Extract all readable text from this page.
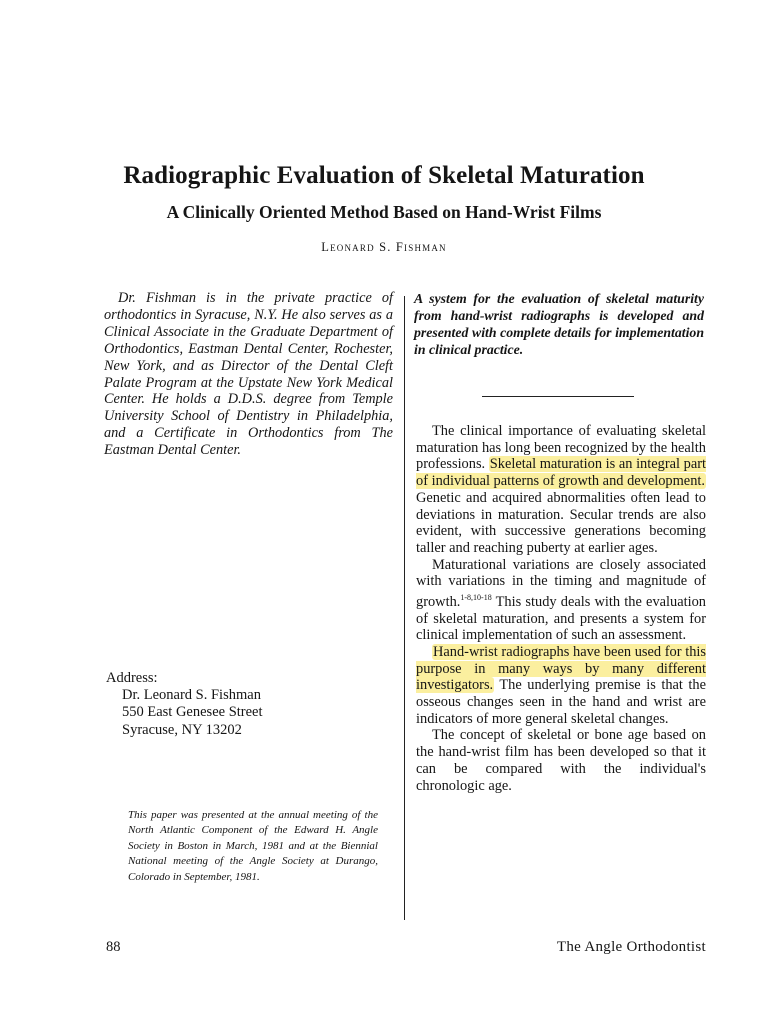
Radiographic Evaluation of Skeletal Maturation
A Clinically Oriented Method Based on Hand-Wrist Films
Leonard S. Fishman
Dr. Fishman is in the private practice of orthodontics in Syracuse, N.Y. He also serves as a Clinical Associate in the Graduate Department of Orthodontics, Eastman Dental Center, Rochester, New York, and as Director of the Dental Cleft Palate Program at the Upstate New York Medical Center. He holds a D.D.S. degree from Temple University School of Dentistry in Philadelphia, and a Certificate in Orthodontics from The Eastman Dental Center.
Address:
Dr. Leonard S. Fishman
550 East Genesee Street
Syracuse, NY 13202
This paper was presented at the annual meeting of the North Atlantic Component of the Edward H. Angle Society in Boston in March, 1981 and at the Biennial National meeting of the Angle Society at Durango, Colorado in September, 1981.
A system for the evaluation of skeletal maturity from hand-wrist radiographs is developed and presented with complete details for implementation in clinical practice.

The clinical importance of evaluating skeletal maturation has long been recognized by the health professions. Skeletal maturation is an integral part of individual patterns of growth and development. Genetic and acquired abnormalities often lead to deviations in maturation. Secular trends are also evident, with successive generations becoming taller and reaching puberty at earlier ages.

Maturational variations are closely associated with variations in the timing and magnitude of growth.$^{1-8,10-18}$ This study deals with the evaluation of skeletal maturation, and presents a system for clinical implementation of such an assessment.

Hand-wrist radiographs have been used for this purpose in many ways by many different investigators. The underlying premise is that the osseous changes seen in the hand and wrist are indicators of more general skeletal changes.

The concept of skeletal or bone age based on the hand-wrist film has been developed so that it can be compared with the individual's chronologic age.

88	The Angle Orthodontist
